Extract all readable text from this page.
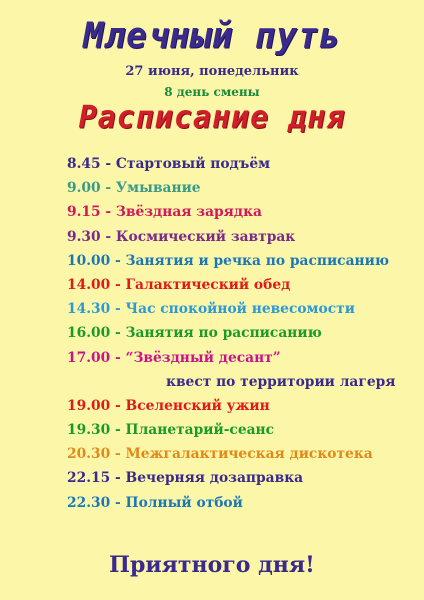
Млечный путь
27 июня, понедельник
8 день смены
Расписание дня
8.45 - Стартовый подъём
9.00 - Умывание
9.15 - Звёздная зарядка
9.30 - Космический завтрак
10.00 - Занятия и речка по расписанию
14.00 - Галактический обед
14.30 - Час спокойной невесомости
16.00 - Занятия по расписанию
17.00 - “Звёздный десант”
квест по территории лагеря
19.00 - Вселенский ужин
19.30 - Планетарий-сеанс
20.30 - Межгалактическая дискотека
22.15 - Вечерняя дозаправка
22.30 - Полный отбой
Приятного дня!
